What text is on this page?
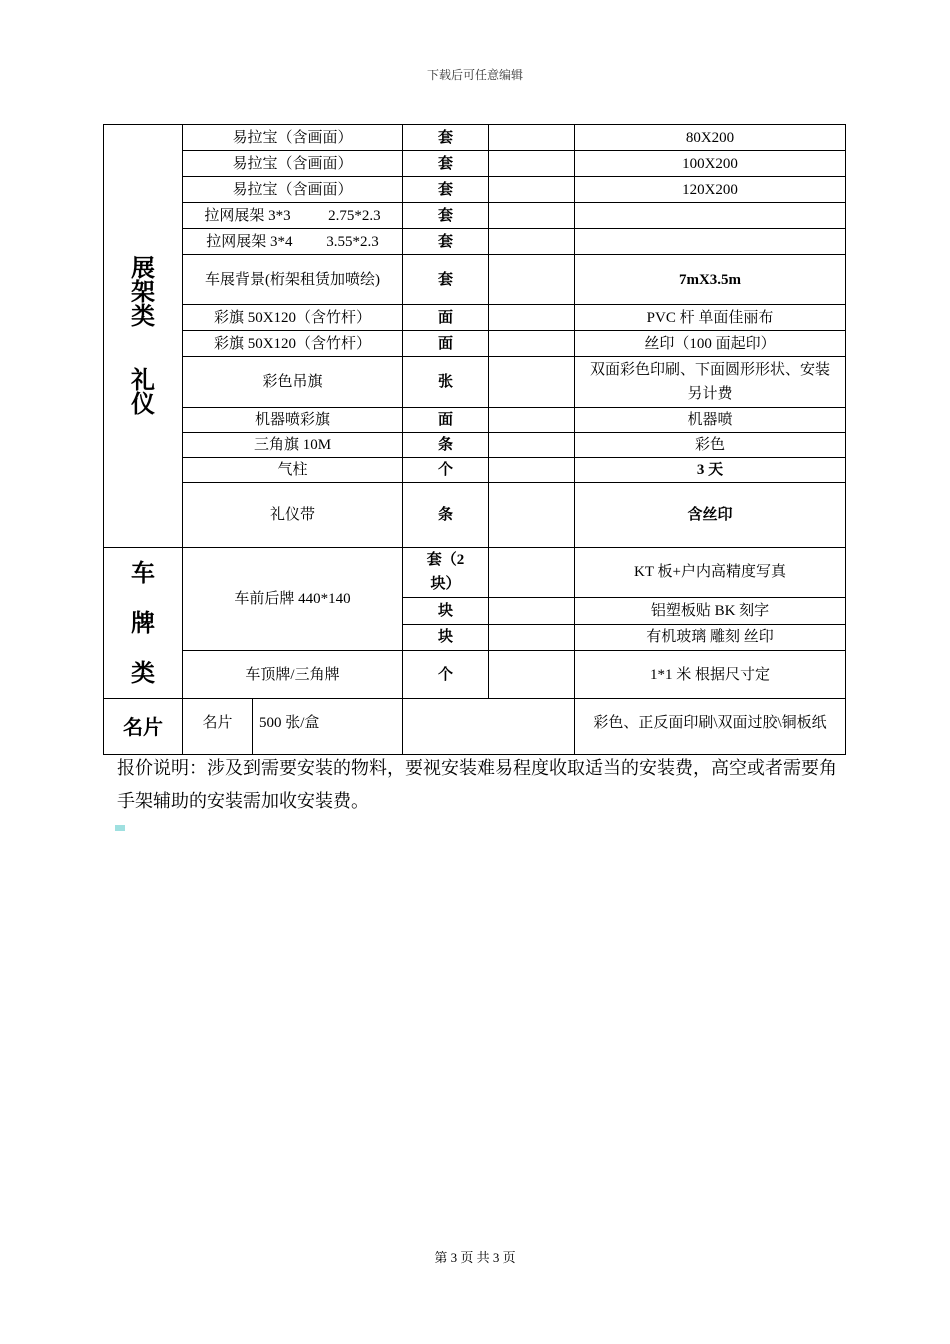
下载后可任意编辑
展
架
类
礼
仪	易拉宝（含画面）		套		80X200
	易拉宝（含画面）		套		100X200
	易拉宝（含画面）		套		120X200
	拉网展架 3*3          2.75*2.3		套		
	拉网展架 3*4         3.55*2.3		套		
	车展背景(桁架租赁加喷绘)		套		7mX3.5m
	彩旗 50X120（含竹杆）		面		PVC 杆 单面佳丽布
	彩旗 50X120（含竹杆）		面		丝印（100 面起印）
	彩色吊旗		张		双面彩色印刷、下面圆形形状、安装另计费
	机器喷彩旗		面		机器喷
	三角旗 10M		条		彩色
	气柱		个		3 天
	礼仪带		条		含丝印
车
牌
类	车前后牌 440*140		套（2 块）		KT 板+户内高精度写真
			块		铝塑板贴 BK 刻字
			块		有机玻璃 雕刻 丝印
	车顶牌/三角牌		个		1*1 米 根据尺寸定
名片	名片	500 张/盒			彩色、正反面印刷\双面过胶\铜板纸
报价说明：涉及到需要安装的物料，要视安装难易程度收取适当的安装费，高空或者需要角手架辅助的安装需加收安装费。
第 3 页 共 3 页
